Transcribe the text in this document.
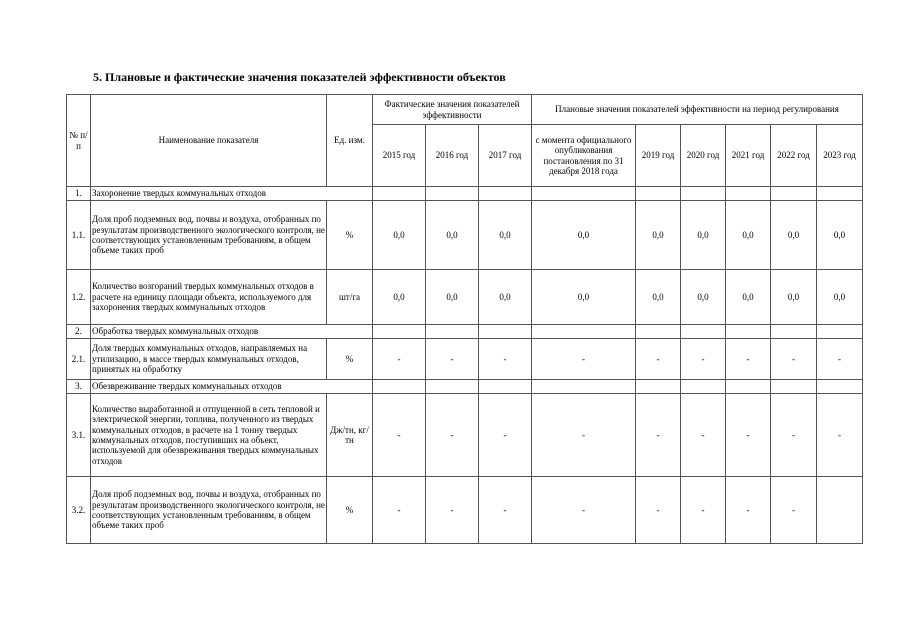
5. Плановые и фактические значения показателей эффективности объектов
№ п/п	Наименование показателя	Ед. изм.	Фактические значения показателей эффективности			Плановые значения показателей эффективности на период регулирования					
			2015 год	2016 год	2017 год	с момента официального опубликования постановления по 31 декабря 2018 года	2019 год	2020 год	2021 год	2022 год	2023 год
1.	Захоронение твердых коммунальных отходов										
1.1.	Доля проб подземных вод, почвы и воздуха, отобранных по результатам производственного экологического контроля, не соответствующих установленным требованиям, в общем объеме таких проб	%	0,0	0,0	0,0	0,0	0,0	0,0	0,0	0,0	0,0
1.2.	Количество возгораний твердых коммунальных отходов в расчете на единицу площади объекта, используемого для захоронения твердых коммунальных отходов	шт/га	0,0	0,0	0,0	0,0	0,0	0,0	0,0	0,0	0,0
2.	Обработка твердых коммунальных отходов										
2.1.	Доля твердых коммунальных отходов, направляемых на утилизацию, в массе твердых коммунальных отходов, принятых на обработку	%	-	-	-	-	-	-	-	-	-
3.	Обезвреживание твердых коммунальных отходов										
3.1.	Количество выработанной и отпущенной в сеть тепловой и электрической энергии, топлива, полученного из твердых коммунальных отходов, в расчете на 1 тонну твердых коммунальных отходов, поступивших на объект, используемой для обезвреживания твердых коммунальных отходов	Дж/тн, кг/тн	-	-	-	-	-	-	-	-	-
3.2.	Доля проб подземных вод, почвы и воздуха, отобранных по результатам производственного экологического контроля, не соответствующих установленным требованиям, в общем объеме таких проб	%	-	-	-	-	-	-	-	-	
